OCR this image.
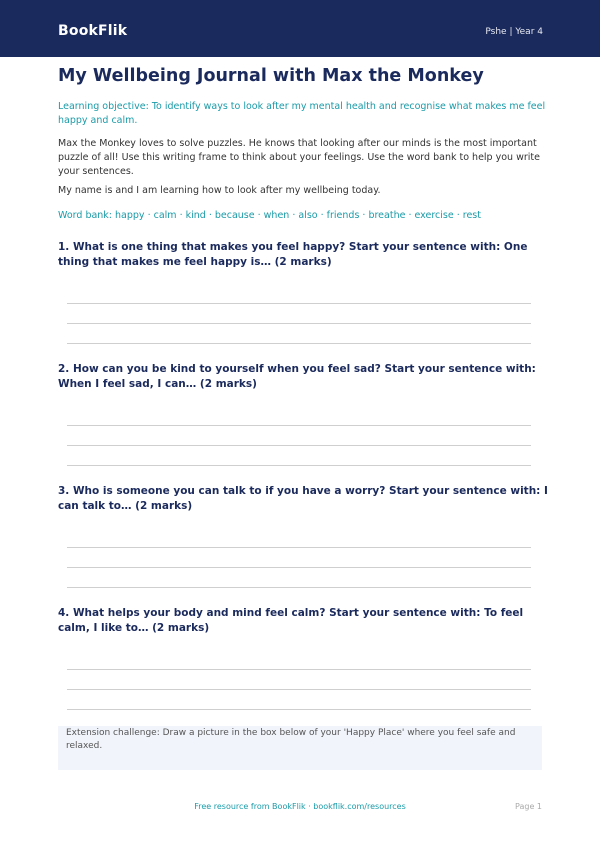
BookFlik	Pshe | Year 4
My Wellbeing Journal with Max the Monkey
Learning objective: To identify ways to look after my mental health and recognise what makes me feel happy and calm.
Max the Monkey loves to solve puzzles. He knows that looking after our minds is the most important puzzle of all! Use this writing frame to think about your feelings. Use the word bank to help you write your sentences.
My name is and I am learning how to look after my wellbeing today.
Word bank: happy · calm · kind · because · when · also · friends · breathe · exercise · rest
1. What is one thing that makes you feel happy? Start your sentence with: One thing that makes me feel happy is… (2 marks)
2. How can you be kind to yourself when you feel sad? Start your sentence with: When I feel sad, I can… (2 marks)
3. Who is someone you can talk to if you have a worry? Start your sentence with: I can talk to… (2 marks)
4. What helps your body and mind feel calm? Start your sentence with: To feel calm, I like to… (2 marks)
Extension challenge: Draw a picture in the box below of your 'Happy Place' where you feel safe and relaxed.
Free resource from BookFlik · bookflik.com/resources	Page 1
